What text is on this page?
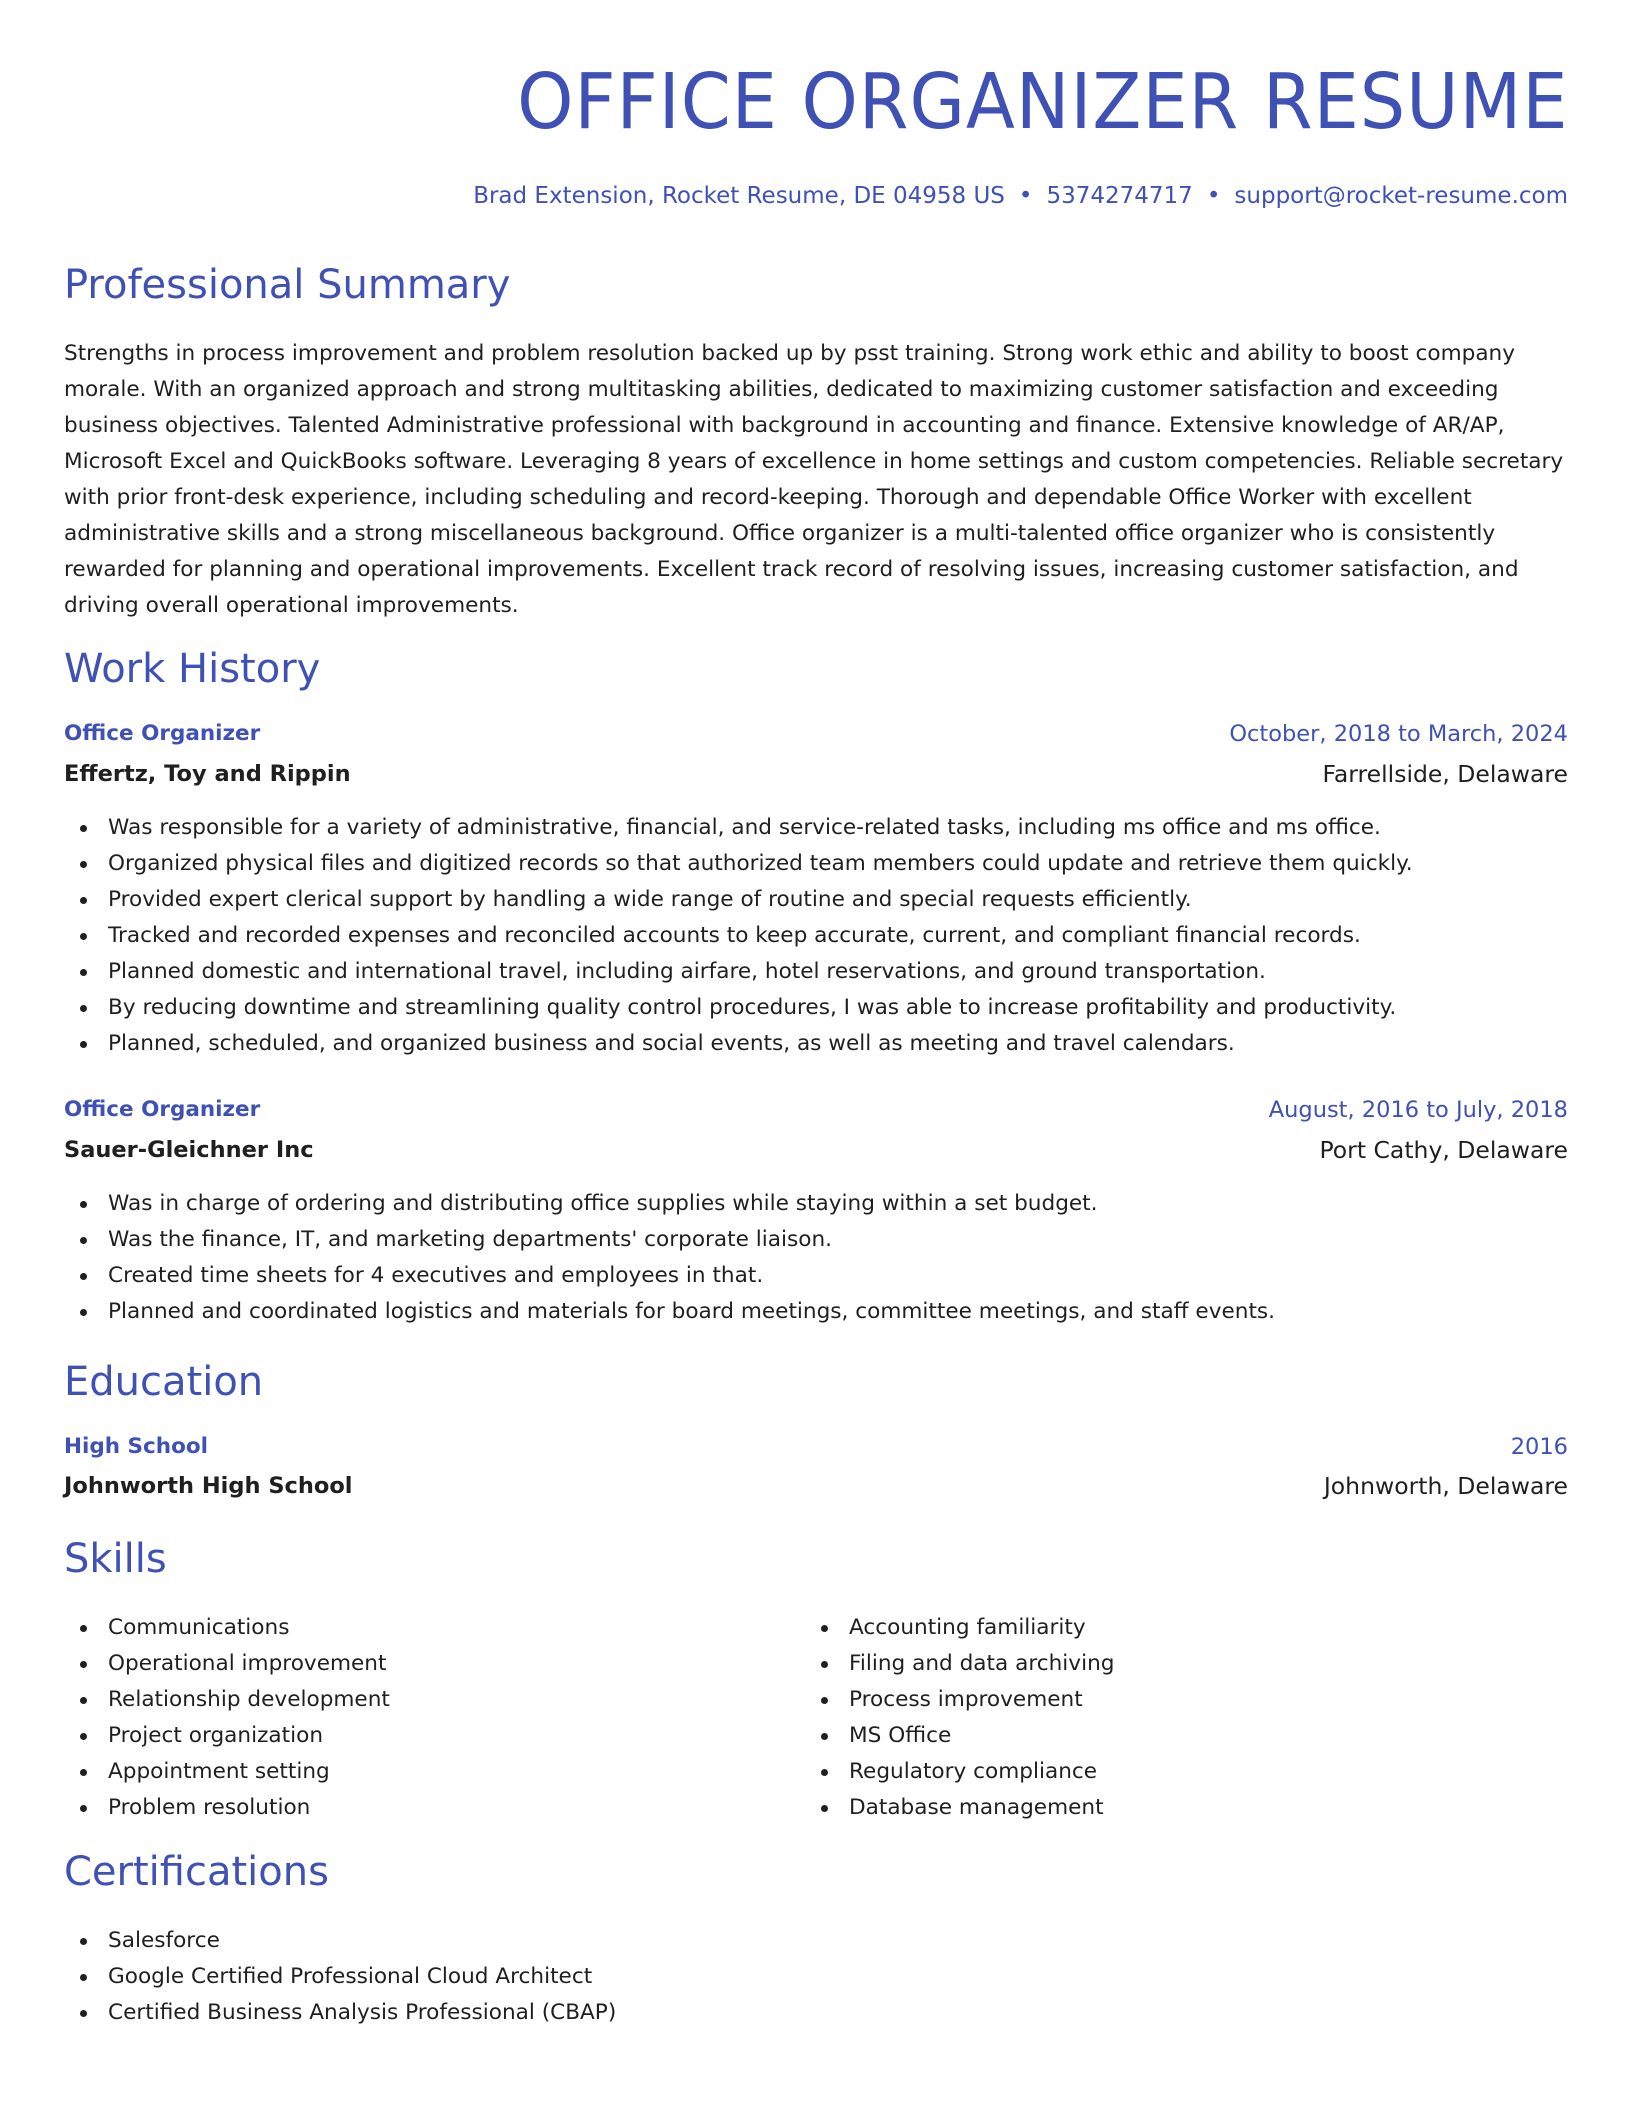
OFFICE ORGANIZER RESUME
Brad Extension, Rocket Resume, DE 04958 US • 5374274717 • support@rocket-resume.com
Professional Summary

Strengths in process improvement and problem resolution backed up by psst training. Strong work ethic and ability to boost company morale. With an organized approach and strong multitasking abilities, dedicated to maximizing customer satisfaction and exceeding business objectives. Talented Administrative professional with background in accounting and finance. Extensive knowledge of AR/AP, Microsoft Excel and QuickBooks software. Leveraging 8 years of excellence in home settings and custom competencies. Reliable secretary with prior front-desk experience, including scheduling and record-keeping. Thorough and dependable Office Worker with excellent administrative skills and a strong miscellaneous background. Office organizer is a multi-talented office organizer who is consistently rewarded for planning and operational improvements. Excellent track record of resolving issues, increasing customer satisfaction, and driving overall operational improvements.

Work History
Office Organizer	October, 2018 to March, 2024
Effertz, Toy and Rippin	Farrellside, Delaware
Was responsible for a variety of administrative, financial, and service-related tasks, including ms office and ms office.
Organized physical files and digitized records so that authorized team members could update and retrieve them quickly.
Provided expert clerical support by handling a wide range of routine and special requests efficiently.
Tracked and recorded expenses and reconciled accounts to keep accurate, current, and compliant financial records.
Planned domestic and international travel, including airfare, hotel reservations, and ground transportation.
By reducing downtime and streamlining quality control procedures, I was able to increase profitability and productivity.
Planned, scheduled, and organized business and social events, as well as meeting and travel calendars.
Office Organizer	August, 2016 to July, 2018
Sauer-Gleichner Inc	Port Cathy, Delaware
Was in charge of ordering and distributing office supplies while staying within a set budget.
Was the finance, IT, and marketing departments' corporate liaison.
Created time sheets for 4 executives and employees in that.
Planned and coordinated logistics and materials for board meetings, committee meetings, and staff events.
Education
High School	2016
Johnworth High School	Johnworth, Delaware
Skills
Communications
Operational improvement
Relationship development
Project organization
Appointment setting
Problem resolution
Accounting familiarity
Filing and data archiving
Process improvement
MS Office
Regulatory compliance
Database management
Certifications
Salesforce
Google Certified Professional Cloud Architect
Certified Business Analysis Professional (CBAP)
